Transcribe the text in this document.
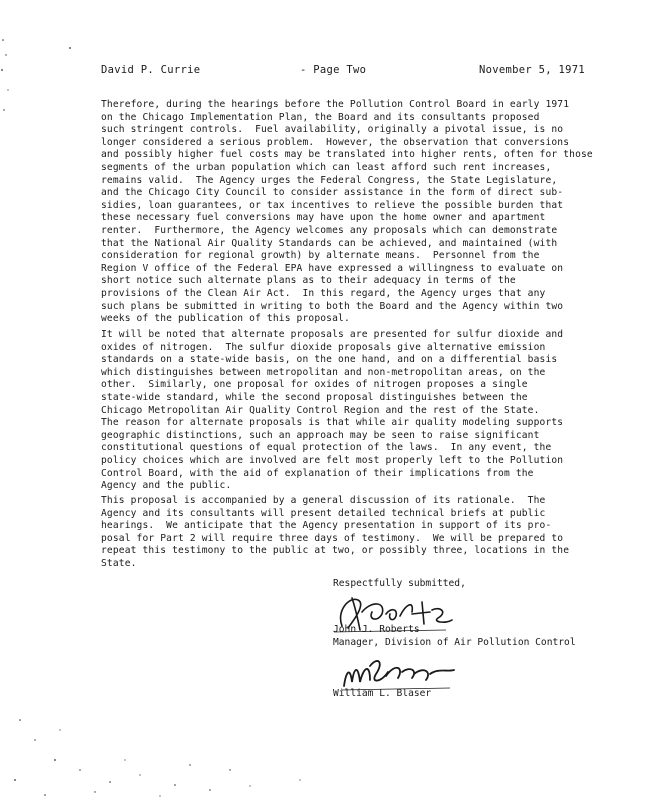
David P. Currie	- Page Two	November 5, 1971
Therefore, during the hearings before the Pollution Control Board in early 1971
on the Chicago Implementation Plan, the Board and its consultants proposed
such stringent controls.  Fuel availability, originally a pivotal issue, is no
longer considered a serious problem.  However, the observation that conversions
and possibly higher fuel costs may be translated into higher rents, often for those
segments of the urban population which can least afford such rent increases,
remains valid.  The Agency urges the Federal Congress, the State Legislature,
and the Chicago City Council to consider assistance in the form of direct sub-
sidies, loan guarantees, or tax incentives to relieve the possible burden that
these necessary fuel conversions may have upon the home owner and apartment
renter.  Furthermore, the Agency welcomes any proposals which can demonstrate
that the National Air Quality Standards can be achieved, and maintained (with
consideration for regional growth) by alternate means.  Personnel from the
Region V office of the Federal EPA have expressed a willingness to evaluate on
short notice such alternate plans as to their adequacy in terms of the
provisions of the Clean Air Act.  In this regard, the Agency urges that any
such plans be submitted in writing to both the Board and the Agency within two
weeks of the publication of this proposal.
It will be noted that alternate proposals are presented for sulfur dioxide and
oxides of nitrogen.  The sulfur dioxide proposals give alternative emission
standards on a state-wide basis, on the one hand, and on a differential basis
which distinguishes between metropolitan and non-metropolitan areas, on the
other.  Similarly, one proposal for oxides of nitrogen proposes a single
state-wide standard, while the second proposal distinguishes between the
Chicago Metropolitan Air Quality Control Region and the rest of the State.
The reason for alternate proposals is that while air quality modeling supports
geographic distinctions, such an approach may be seen to raise significant
constitutional questions of equal protection of the laws.  In any event, the
policy choices which are involved are felt most properly left to the Pollution
Control Board, with the aid of explanation of their implications from the
Agency and the public.
This proposal is accompanied by a general discussion of its rationale.  The
Agency and its consultants will present detailed technical briefs at public
hearings.  We anticipate that the Agency presentation in support of its pro-
posal for Part 2 will require three days of testimony.  We will be prepared to
repeat this testimony to the public at two, or possibly three, locations in the
State.
Respectfully submitted,
John J. Roberts
Manager, Division of Air Pollution Control
William L. Blaser
